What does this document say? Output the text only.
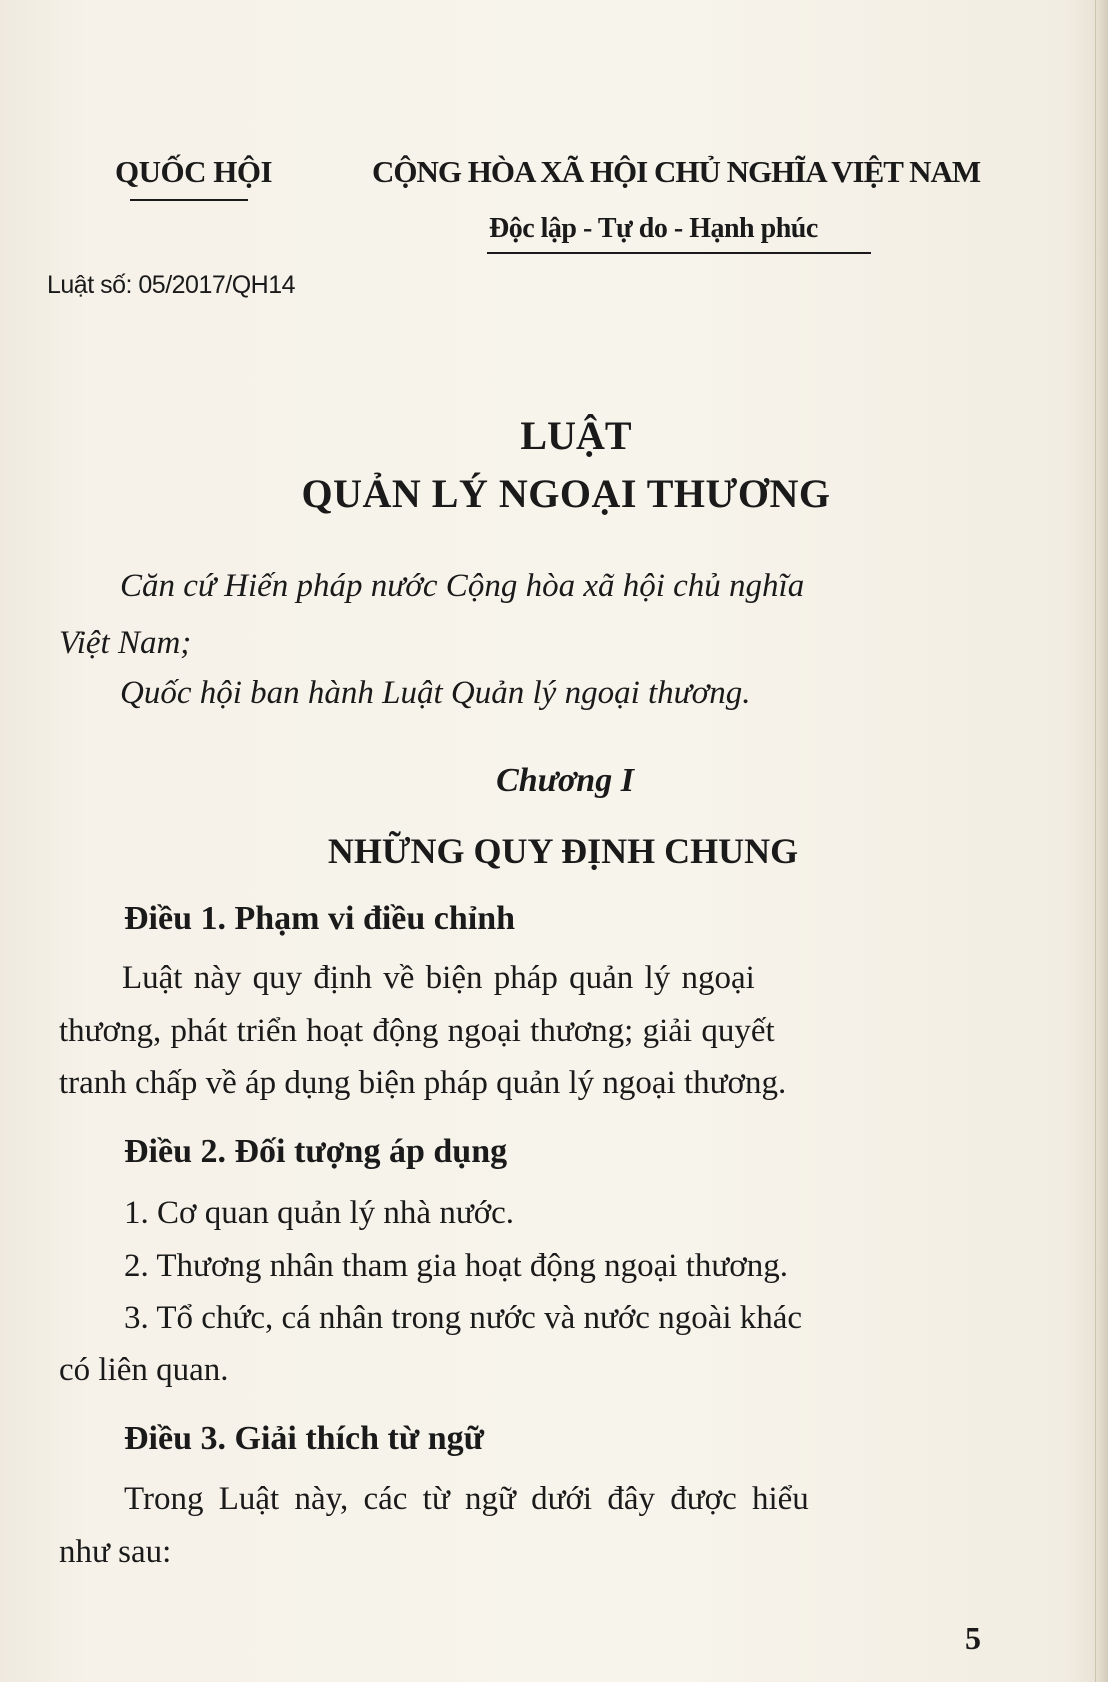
QUỐC HỘI	CỘNG HÒA XÃ HỘI CHỦ NGHĨA VIỆT NAM
Độc lập - Tự do - Hạnh phúc
Luật số: 05/2017/QH14
LUẬT
QUẢN LÝ NGOẠI THƯƠNG
Căn cứ Hiến pháp nước Cộng hòa xã hội chủ nghĩa
Việt Nam;
Quốc hội ban hành Luật Quản lý ngoại thương.
Chương I
NHỮNG QUY ĐỊNH CHUNG
Điều 1. Phạm vi điều chỉnh
Luật này quy định về biện pháp quản lý ngoại
thương, phát triển hoạt động ngoại thương; giải quyết
tranh chấp về áp dụng biện pháp quản lý ngoại thương.
Điều 2. Đối tượng áp dụng
1. Cơ quan quản lý nhà nước.
2. Thương nhân tham gia hoạt động ngoại thương.
3. Tổ chức, cá nhân trong nước và nước ngoài khác
có liên quan.
Điều 3. Giải thích từ ngữ
Trong Luật này, các từ ngữ dưới đây được hiểu
như sau:
5
